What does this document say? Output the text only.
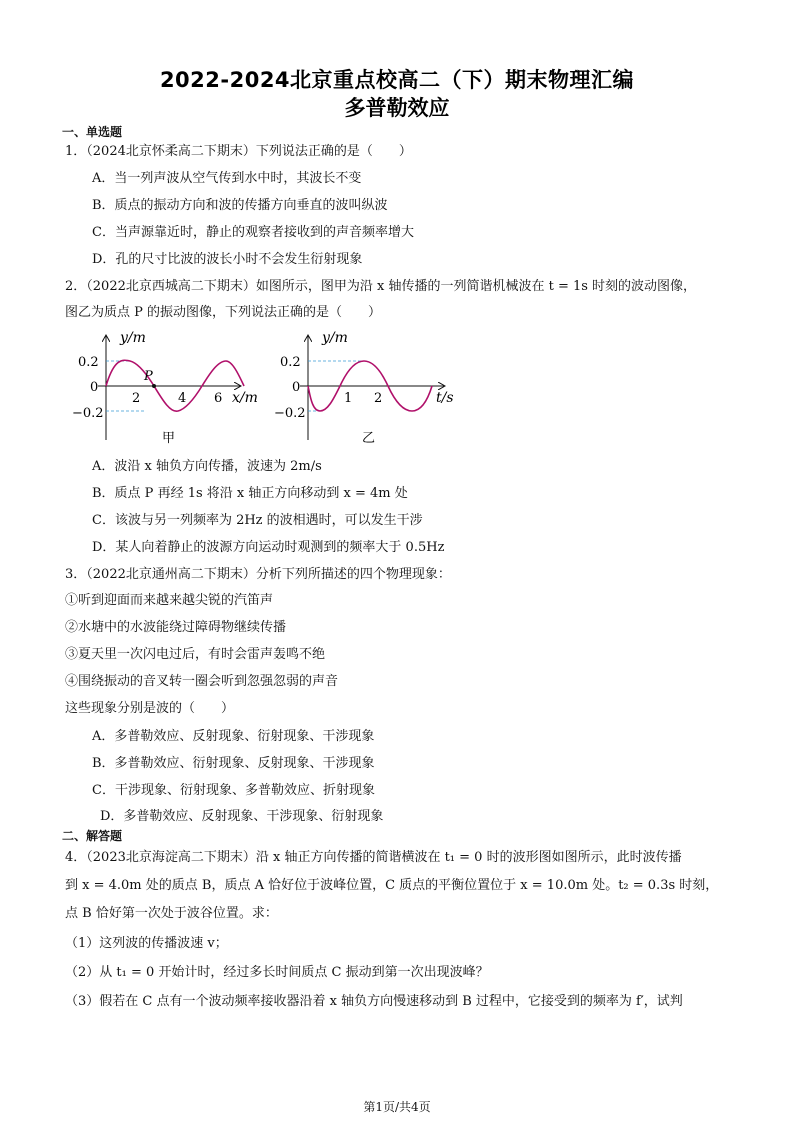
2022-2024北京重点校高二（下）期末物理汇编
多普勒效应
一、单选题
1．（2024北京怀柔高二下期末）下列说法正确的是（　　）
A．当一列声波从空气传到水中时，其波长不变
B．质点的振动方向和波的传播方向垂直的波叫纵波
C．当声源靠近时，静止的观察者接收到的声音频率增大
D．孔的尺寸比波的波长小时不会发生衍射现象
2．（2022北京西城高二下期末）如图所示，图甲为沿 x 轴传播的一列简谐机械波在 t = 1s 时刻的波动图像，
图乙为质点 P 的振动图像，下列说法正确的是（　　）
y/m
0.2
0
−0.2
2	4 6 x/m
P
甲
y/m
0.2
0
−0.2
1 2	t/s
乙
A．波沿 x 轴负方向传播，波速为 2m/s
B．质点 P 再经 1s 将沿 x 轴正方向移动到 x = 4m 处
C．该波与另一列频率为 2Hz 的波相遇时，可以发生干涉
D．某人向着静止的波源方向运动时观测到的频率大于 0.5Hz
3．（2022北京通州高二下期末）分析下列所描述的四个物理现象：
①听到迎面而来越来越尖锐的汽笛声
②水塘中的水波能绕过障碍物继续传播
③夏天里一次闪电过后，有时会雷声轰鸣不绝
④围绕振动的音叉转一圈会听到忽强忽弱的声音
这些现象分别是波的（　　）
A．多普勒效应、反射现象、衍射现象、干涉现象
B．多普勒效应、衍射现象、反射现象、干涉现象
C．干涉现象、衍射现象、多普勒效应、折射现象
D．多普勒效应、反射现象、干涉现象、衍射现象
二、解答题
4．（2023北京海淀高二下期末）沿 x 轴正方向传播的简谐横波在 t₁ = 0 时的波形图如图所示，此时波传播
到 x = 4.0m 处的质点 B，质点 A 恰好位于波峰位置，C 质点的平衡位置位于 x = 10.0m 处。t₂ = 0.3s 时刻，
点 B 恰好第一次处于波谷位置。求：
（1）这列波的传播波速 v；
（2）从 t₁ = 0 开始计时，经过多长时间质点 C 振动到第一次出现波峰？
（3）假若在 C 点有一个波动频率接收器沿着 x 轴负方向慢速移动到 B 过程中，它接受到的频率为 f′，试判
第1页/共4页
